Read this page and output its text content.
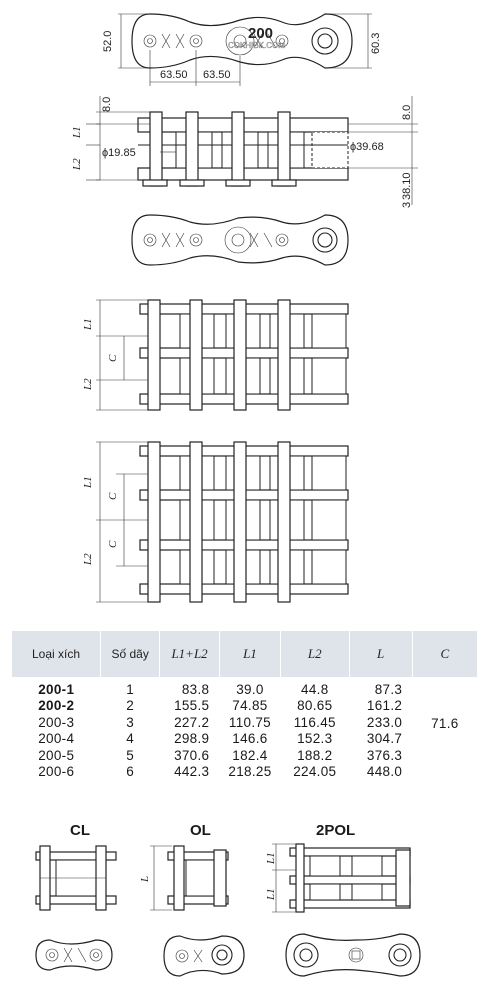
52.0	60.3
63.50 63.50
200
COKHIBK.COM
8.0
L1
L2
ϕ19.85	ϕ39.68
8.0
38.10
3
L1
L2
C
L1
L2
C
C
Loại xích	Số dãy	L1+L2	L1	L2	L	C
200-1	1	83.8	39.0	44.8	87.3	71.6
200-2	2	155.5	74.85	80.65	161.2	
200-3	3	227.2	110.75	116.45	233.0	
200-4	4	298.9	146.6	152.3	304.7	
200-5	5	370.6	182.4	188.2	376.3	
200-6	6	442.3	218.25	224.05	448.0	
CL	OL	2POL
L
L1
L1
